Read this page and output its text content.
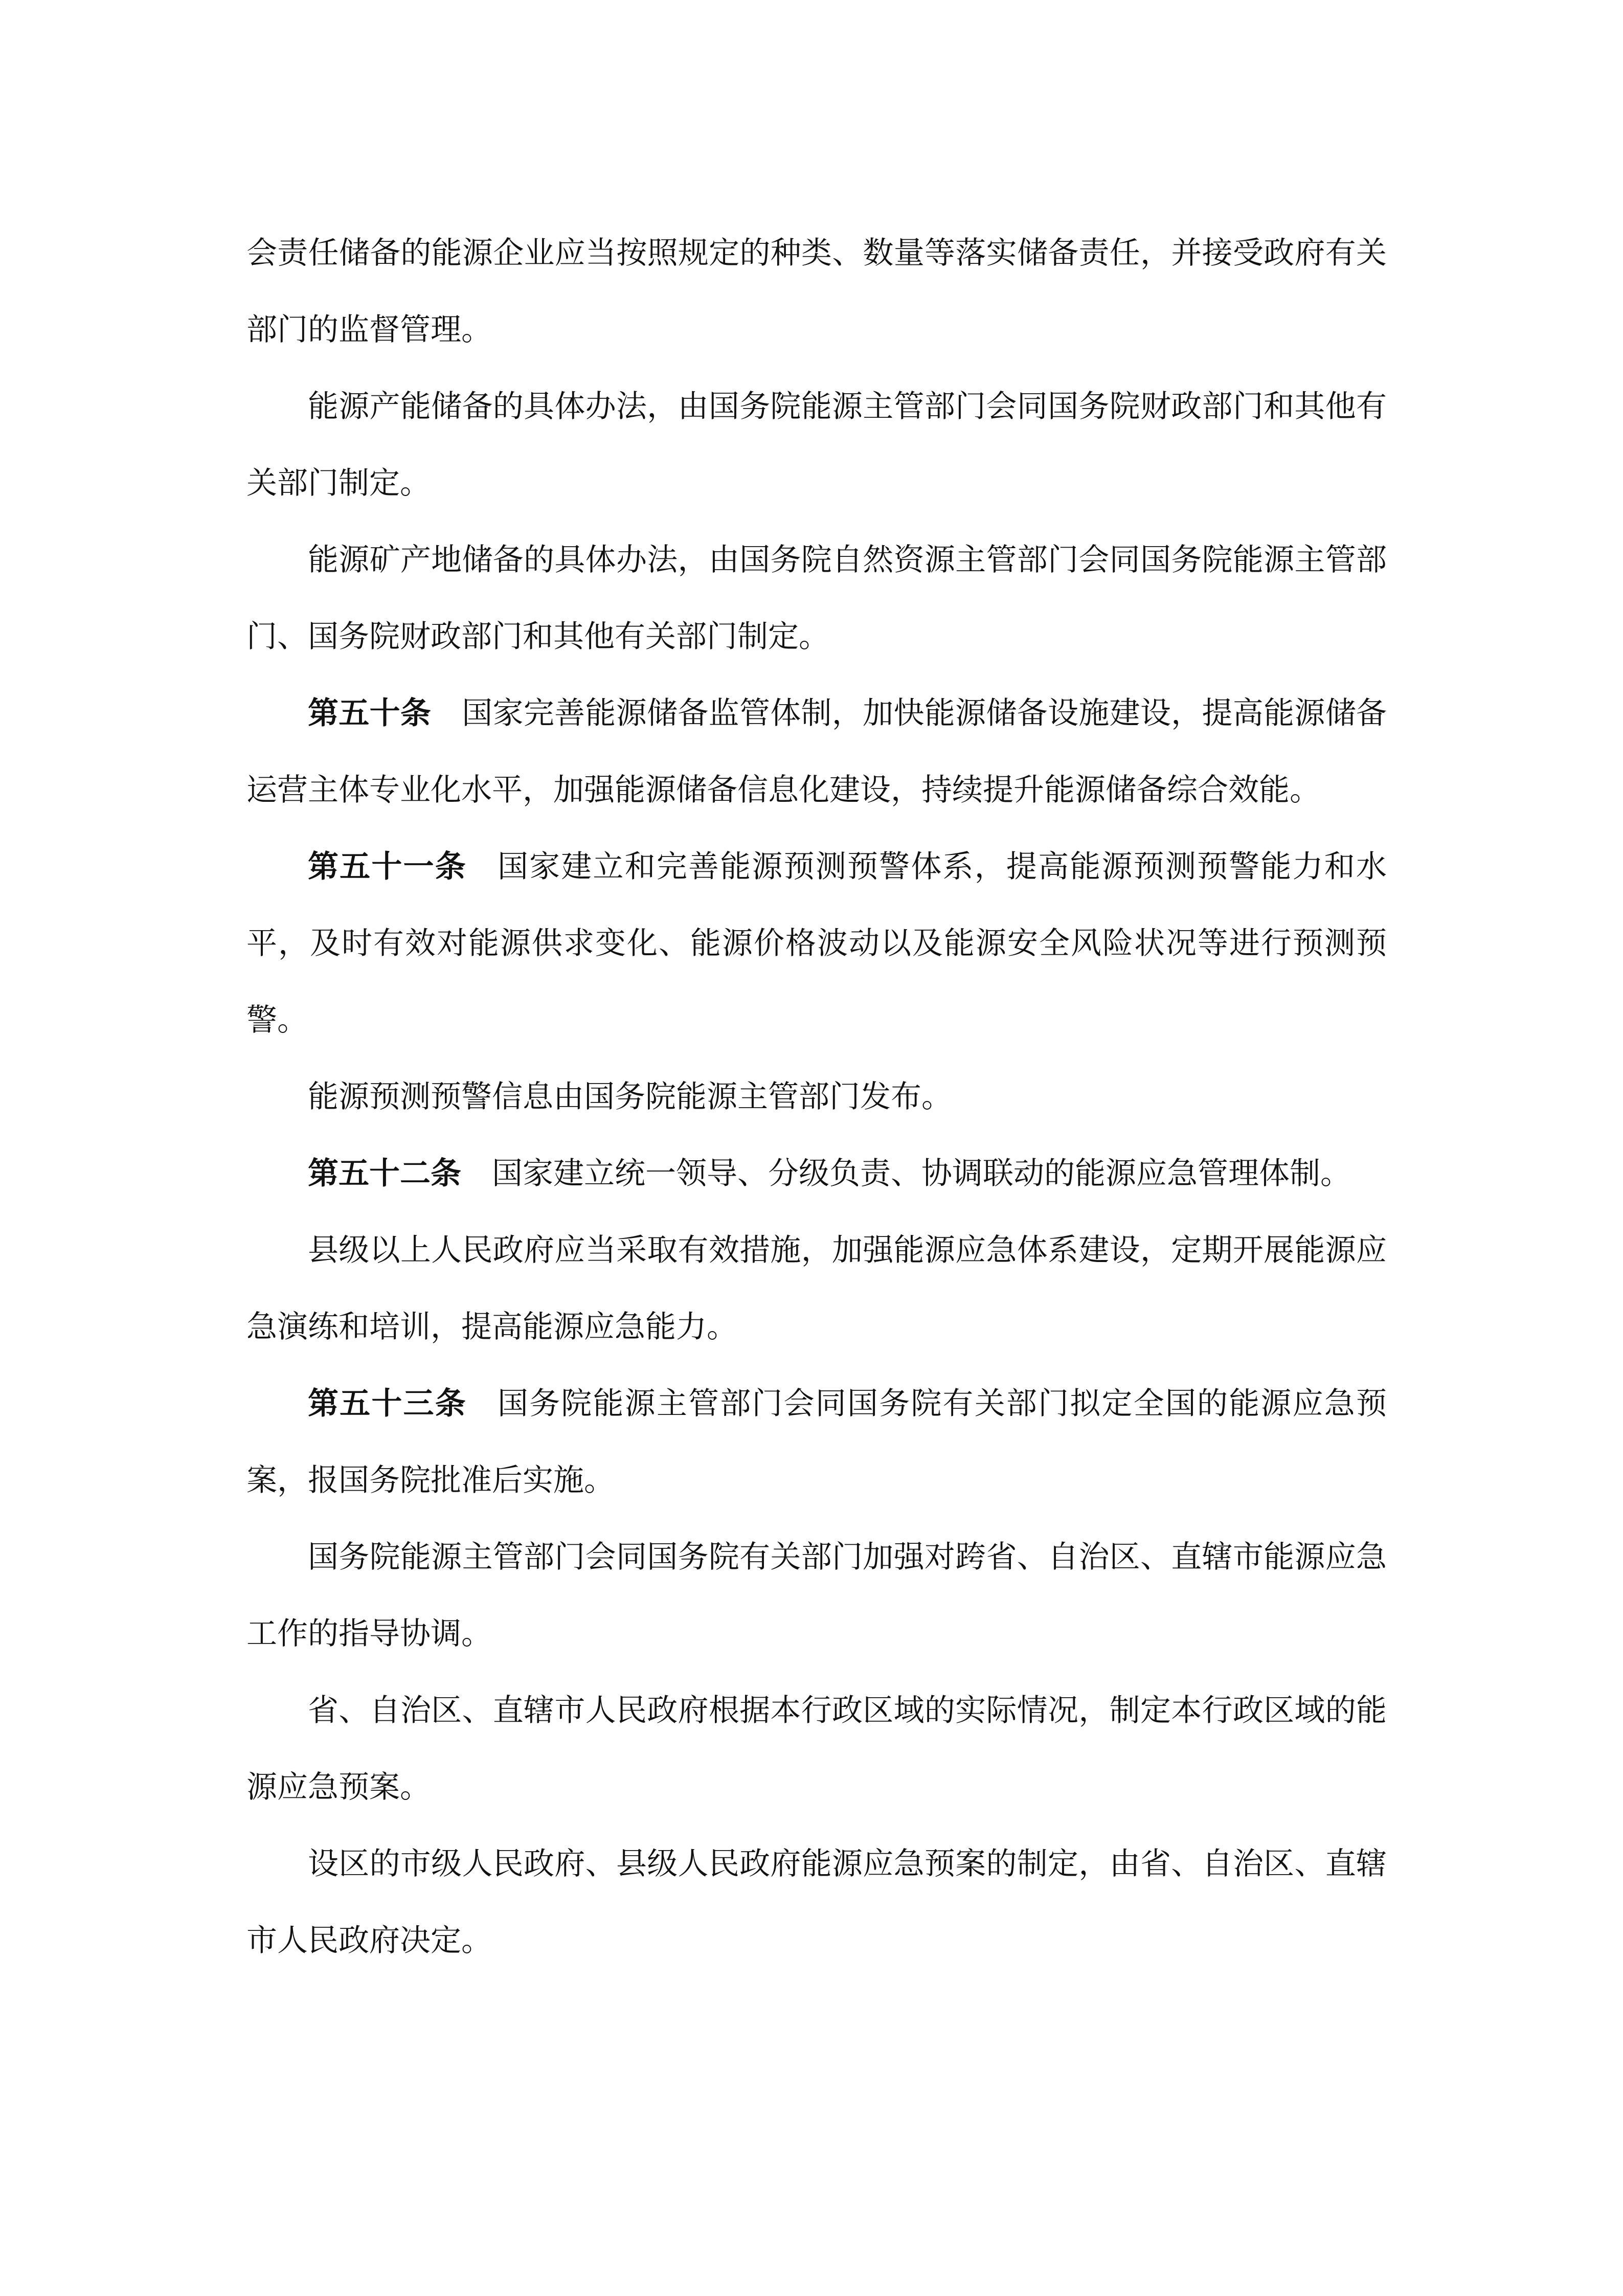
会责任储备的能源企业应当按照规定的种类、数量等落实储备责任，并接受政府有关部门的监督管理。

能源产能储备的具体办法，由国务院能源主管部门会同国务院财政部门和其他有关部门制定。

能源矿产地储备的具体办法，由国务院自然资源主管部门会同国务院能源主管部门、国务院财政部门和其他有关部门制定。

第五十条 国家完善能源储备监管体制，加快能源储备设施建设，提高能源储备运营主体专业化水平，加强能源储备信息化建设，持续提升能源储备综合效能。

第五十一条 国家建立和完善能源预测预警体系，提高能源预测预警能力和水平，及时有效对能源供求变化、能源价格波动以及能源安全风险状况等进行预测预警。

能源预测预警信息由国务院能源主管部门发布。

第五十二条 国家建立统一领导、分级负责、协调联动的能源应急管理体制。

县级以上人民政府应当采取有效措施，加强能源应急体系建设，定期开展能源应急演练和培训，提高能源应急能力。

第五十三条 国务院能源主管部门会同国务院有关部门拟定全国的能源应急预案，报国务院批准后实施。

国务院能源主管部门会同国务院有关部门加强对跨省、自治区、直辖市能源应急工作的指导协调。

省、自治区、直辖市人民政府根据本行政区域的实际情况，制定本行政区域的能源应急预案。

设区的市级人民政府、县级人民政府能源应急预案的制定，由省、自治区、直辖市人民政府决定。
